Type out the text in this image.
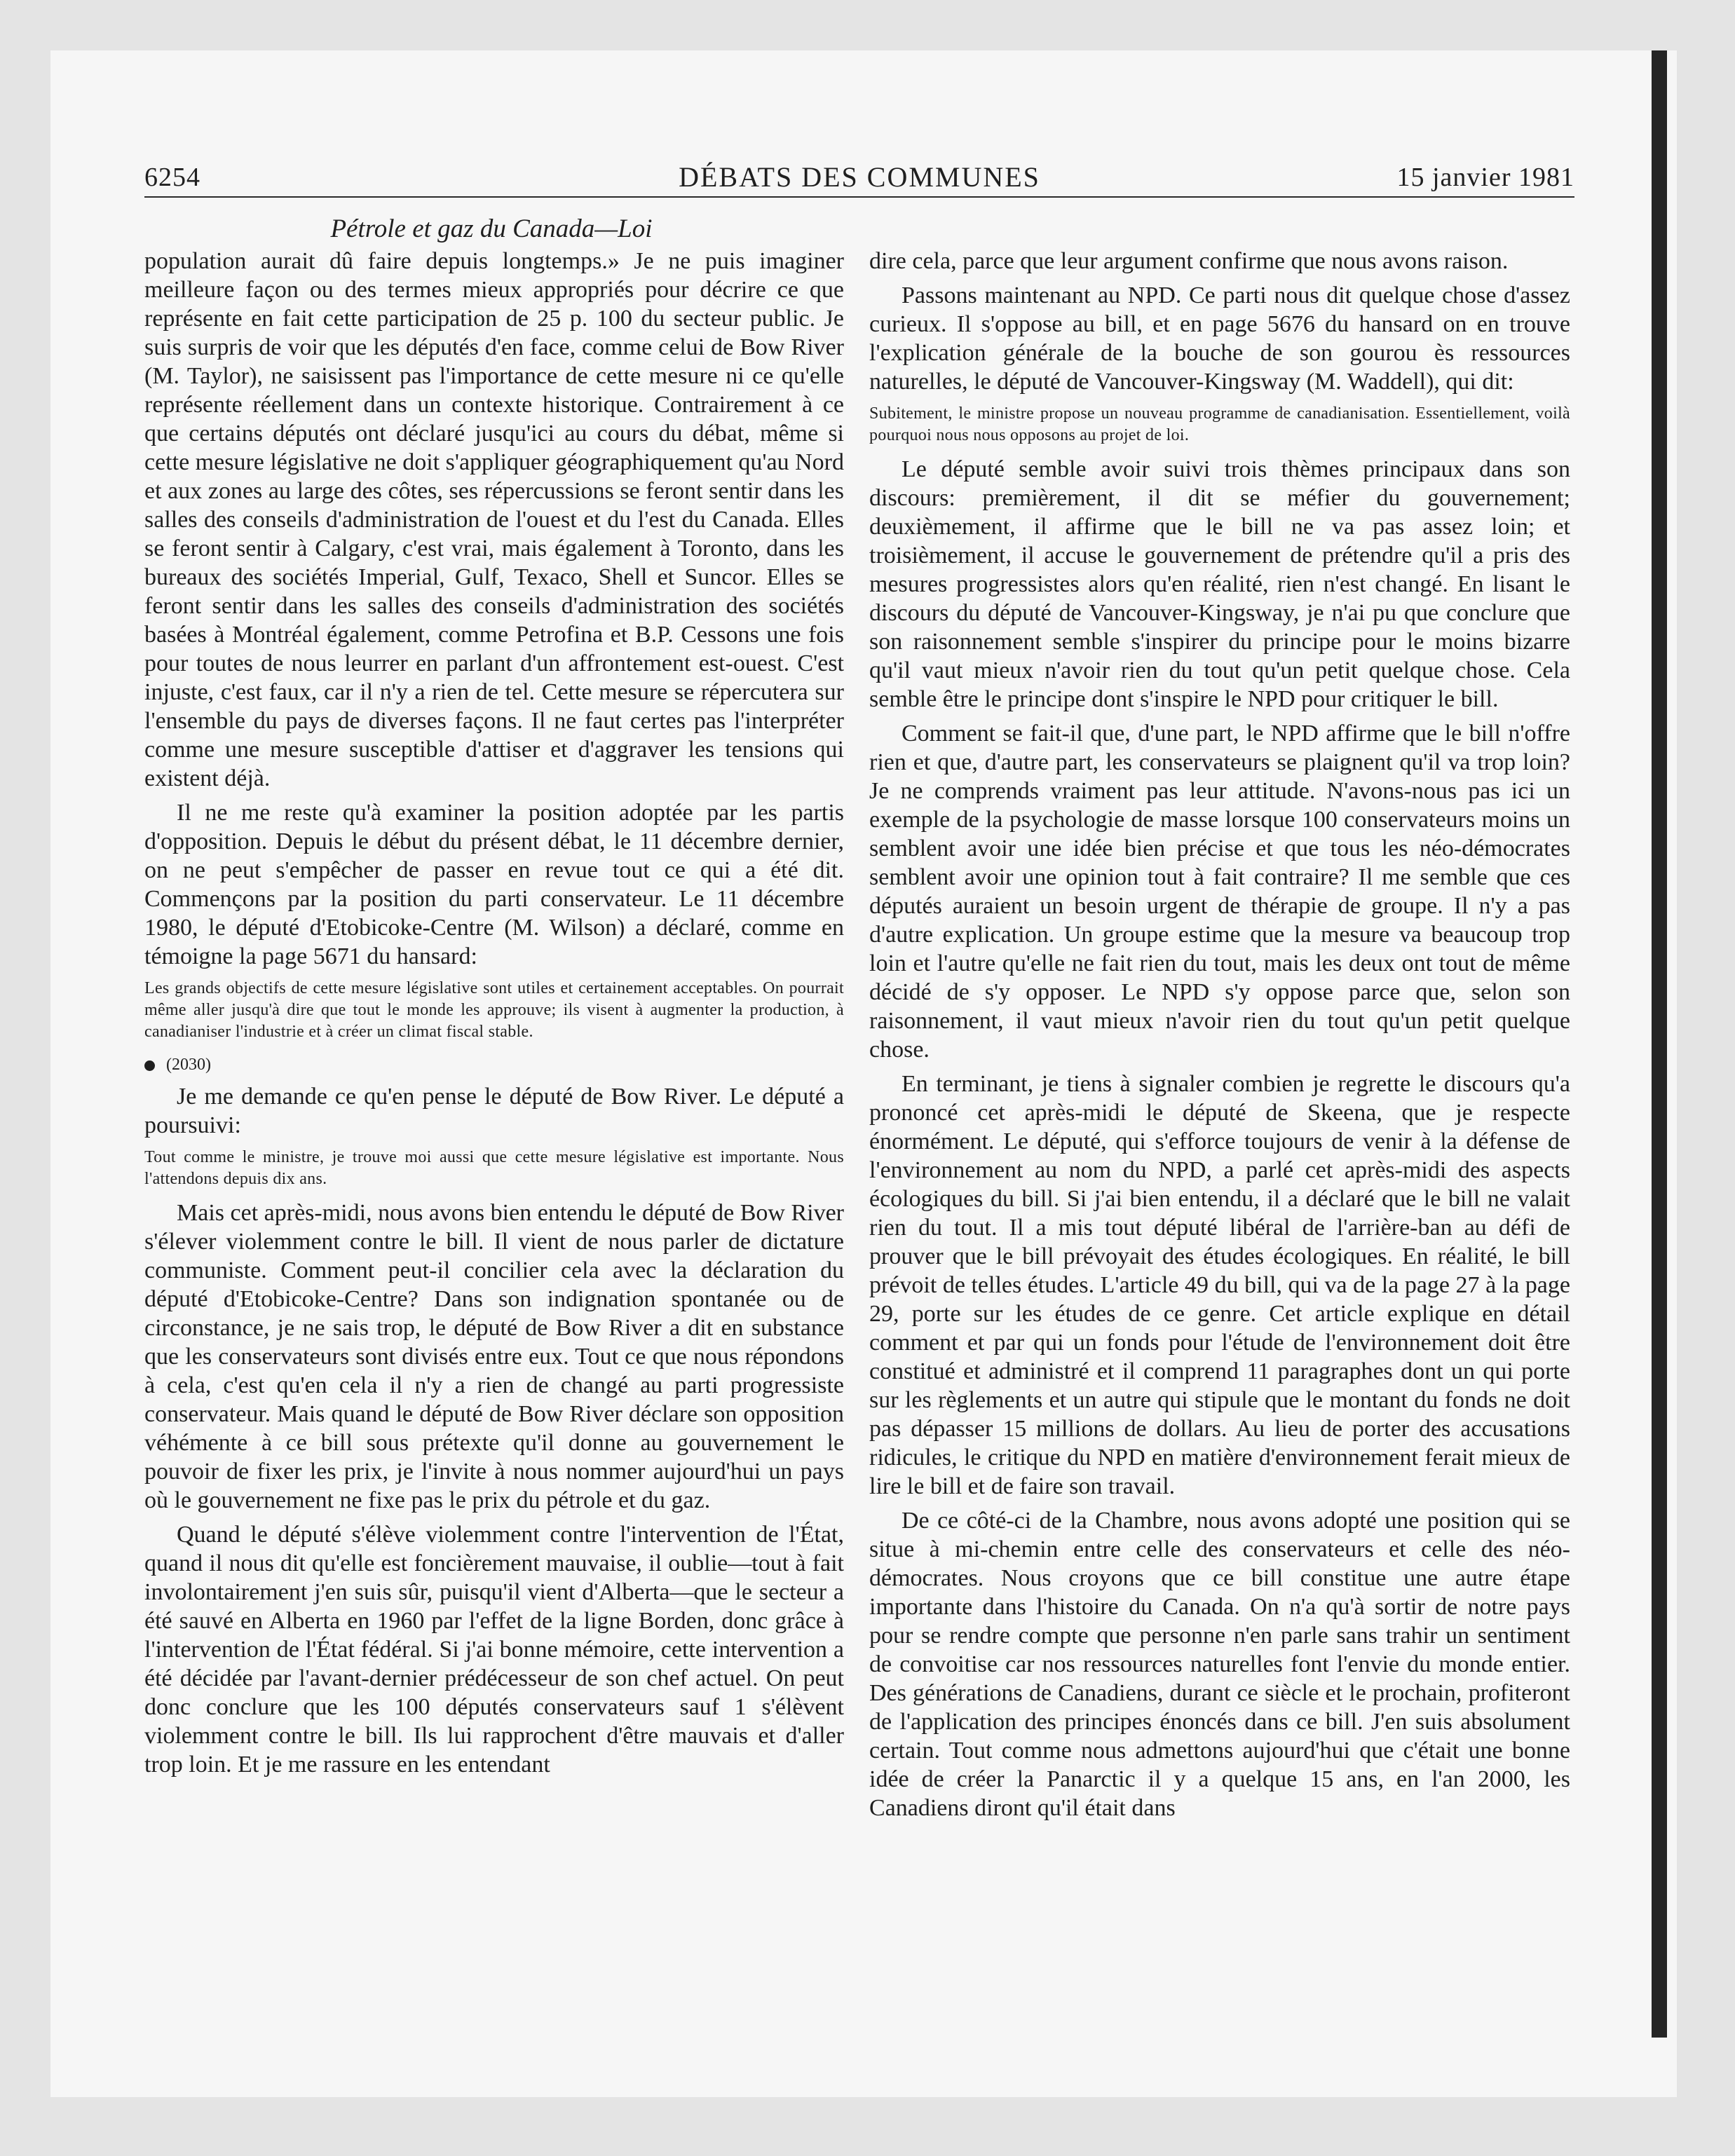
6254	DÉBATS DES COMMUNES	15 janvier 1981
Pétrole et gaz du Canada—Loi

population aurait dû faire depuis longtemps.» Je ne puis imaginer meilleure façon ou des termes mieux appropriés pour décrire ce que représente en fait cette participation de 25 p. 100 du secteur public. Je suis surpris de voir que les députés d'en face, comme celui de Bow River (M. Taylor), ne saisissent pas l'importance de cette mesure ni ce qu'elle représente réellement dans un contexte historique. Contrairement à ce que certains députés ont déclaré jusqu'ici au cours du débat, même si cette mesure législative ne doit s'appliquer géographiquement qu'au Nord et aux zones au large des côtes, ses répercussions se feront sentir dans les salles des conseils d'administration de l'ouest et du l'est du Canada. Elles se feront sentir à Calgary, c'est vrai, mais également à Toronto, dans les bureaux des sociétés Imperial, Gulf, Texaco, Shell et Suncor. Elles se feront sentir dans les salles des conseils d'administration des sociétés basées à Montréal également, comme Petrofina et B.P. Cessons une fois pour toutes de nous leurrer en parlant d'un affrontement est-ouest. C'est injuste, c'est faux, car il n'y a rien de tel. Cette mesure se répercutera sur l'ensemble du pays de diverses façons. Il ne faut certes pas l'interpréter comme une mesure susceptible d'attiser et d'aggraver les tensions qui existent déjà.

Il ne me reste qu'à examiner la position adoptée par les partis d'opposition. Depuis le début du présent débat, le 11 décembre dernier, on ne peut s'empêcher de passer en revue tout ce qui a été dit. Commençons par la position du parti conservateur. Le 11 décembre 1980, le député d'Etobicoke-Centre (M. Wilson) a déclaré, comme en témoigne la page 5671 du hansard:

Les grands objectifs de cette mesure législative sont utiles et certainement acceptables. On pourrait même aller jusqu'à dire que tout le monde les approuve; ils visent à augmenter la production, à canadianiser l'industrie et à créer un climat fiscal stable.
(2030)

Je me demande ce qu'en pense le député de Bow River. Le député a poursuivi:

Tout comme le ministre, je trouve moi aussi que cette mesure législative est importante. Nous l'attendons depuis dix ans.

Mais cet après-midi, nous avons bien entendu le député de Bow River s'élever violemment contre le bill. Il vient de nous parler de dictature communiste. Comment peut-il concilier cela avec la déclaration du député d'Etobicoke-Centre? Dans son indignation spontanée ou de circonstance, je ne sais trop, le député de Bow River a dit en substance que les conservateurs sont divisés entre eux. Tout ce que nous répondons à cela, c'est qu'en cela il n'y a rien de changé au parti progressiste conservateur. Mais quand le député de Bow River déclare son opposition véhémente à ce bill sous prétexte qu'il donne au gouvernement le pouvoir de fixer les prix, je l'invite à nous nommer aujourd'hui un pays où le gouvernement ne fixe pas le prix du pétrole et du gaz.

Quand le député s'élève violemment contre l'intervention de l'État, quand il nous dit qu'elle est foncièrement mauvaise, il oublie—tout à fait involontairement j'en suis sûr, puisqu'il vient d'Alberta—que le secteur a été sauvé en Alberta en 1960 par l'effet de la ligne Borden, donc grâce à l'intervention de l'État fédéral. Si j'ai bonne mémoire, cette intervention a été décidée par l'avant-dernier prédécesseur de son chef actuel. On peut donc conclure que les 100 députés conservateurs sauf 1 s'élèvent violemment contre le bill. Ils lui rapprochent d'être mauvais et d'aller trop loin. Et je me rassure en les entendant

dire cela, parce que leur argument confirme que nous avons raison.

Passons maintenant au NPD. Ce parti nous dit quelque chose d'assez curieux. Il s'oppose au bill, et en page 5676 du hansard on en trouve l'explication générale de la bouche de son gourou ès ressources naturelles, le député de Vancouver-Kingsway (M. Waddell), qui dit:

Subitement, le ministre propose un nouveau programme de canadianisation. Essentiellement, voilà pourquoi nous nous opposons au projet de loi.

Le député semble avoir suivi trois thèmes principaux dans son discours: premièrement, il dit se méfier du gouvernement; deuxièmement, il affirme que le bill ne va pas assez loin; et troisièmement, il accuse le gouvernement de prétendre qu'il a pris des mesures progressistes alors qu'en réalité, rien n'est changé. En lisant le discours du député de Vancouver-Kingsway, je n'ai pu que conclure que son raisonnement semble s'inspirer du principe pour le moins bizarre qu'il vaut mieux n'avoir rien du tout qu'un petit quelque chose. Cela semble être le principe dont s'inspire le NPD pour critiquer le bill.

Comment se fait-il que, d'une part, le NPD affirme que le bill n'offre rien et que, d'autre part, les conservateurs se plaignent qu'il va trop loin? Je ne comprends vraiment pas leur attitude. N'avons-nous pas ici un exemple de la psychologie de masse lorsque 100 conservateurs moins un semblent avoir une idée bien précise et que tous les néo-démocrates semblent avoir une opinion tout à fait contraire? Il me semble que ces députés auraient un besoin urgent de thérapie de groupe. Il n'y a pas d'autre explication. Un groupe estime que la mesure va beaucoup trop loin et l'autre qu'elle ne fait rien du tout, mais les deux ont tout de même décidé de s'y opposer. Le NPD s'y oppose parce que, selon son raisonnement, il vaut mieux n'avoir rien du tout qu'un petit quelque chose.

En terminant, je tiens à signaler combien je regrette le discours qu'a prononcé cet après-midi le député de Skeena, que je respecte énormément. Le député, qui s'efforce toujours de venir à la défense de l'environnement au nom du NPD, a parlé cet après-midi des aspects écologiques du bill. Si j'ai bien entendu, il a déclaré que le bill ne valait rien du tout. Il a mis tout député libéral de l'arrière-ban au défi de prouver que le bill prévoyait des études écologiques. En réalité, le bill prévoit de telles études. L'article 49 du bill, qui va de la page 27 à la page 29, porte sur les études de ce genre. Cet article explique en détail comment et par qui un fonds pour l'étude de l'environnement doit être constitué et administré et il comprend 11 paragraphes dont un qui porte sur les règlements et un autre qui stipule que le montant du fonds ne doit pas dépasser 15 millions de dollars. Au lieu de porter des accusations ridicules, le critique du NPD en matière d'environnement ferait mieux de lire le bill et de faire son travail.

De ce côté-ci de la Chambre, nous avons adopté une position qui se situe à mi-chemin entre celle des conservateurs et celle des néo-démocrates. Nous croyons que ce bill constitue une autre étape importante dans l'histoire du Canada. On n'a qu'à sortir de notre pays pour se rendre compte que personne n'en parle sans trahir un sentiment de convoitise car nos ressources naturelles font l'envie du monde entier. Des générations de Canadiens, durant ce siècle et le prochain, profiteront de l'application des principes énoncés dans ce bill. J'en suis absolument certain. Tout comme nous admettons aujourd'hui que c'était une bonne idée de créer la Panarctic il y a quelque 15 ans, en l'an 2000, les Canadiens diront qu'il était dans
